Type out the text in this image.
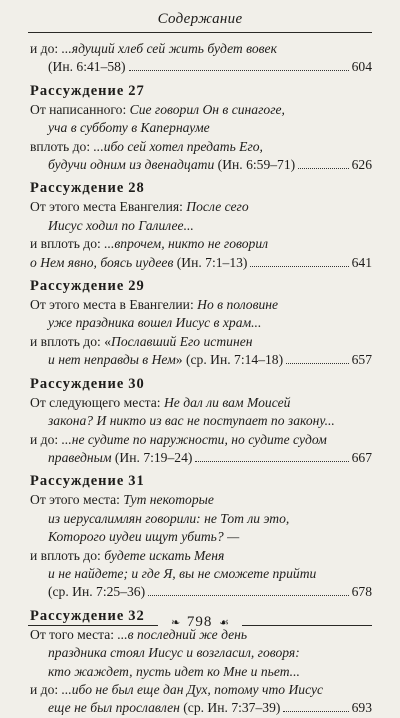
Содержание
и до: ...ядущий хлеб сей жить будет вовек
(Ин. 6:41–58)	604
Рассуждение 27
От написанного: Сие говорил Он в синагоге,
уча в субботу в Капернауме
вплоть до: ...ибо сей хотел предать Его,
будучи одним из двенадцати (Ин. 6:59–71)	626
Рассуждение 28
От этого места Евангелия: После сего
Иисус ходил по Галилее...
и вплоть до: ...впрочем, никто не говорил
о Нем явно, боясь иудеев (Ин. 7:1–13)	641
Рассуждение 29
От этого места в Евангелии: Но в половине
уже праздника вошел Иисус в храм...
и вплоть до: «Пославший Его истинен
и нет неправды в Нем» (ср. Ин. 7:14–18)	657
Рассуждение 30
От следующего места: Не дал ли вам Моисей
закона? И никто из вас не поступает по закону...
и до: ...не судите по наружности, но судите судом
праведным (Ин. 7:19–24)	667
Рассуждение 31
От этого места: Тут некоторые
из иерусалимлян говорили: не Тот ли это,
Которого иудеи ищут убить? —
и вплоть до: будете искать Меня
и не найдете; и где Я, вы не сможете прийти
(ср. Ин. 7:25–36)	678
Рассуждение 32
От того места: ...в последний же день
праздника стоял Иисус и возгласил, говоря:
кто жаждет, пусть идет ко Мне и пьет...
и до: ...ибо не был еще дан Дух, потому что Иисус
еще не был прославлен (ср. Ин. 7:37–39)	693
❧ 798 ☙
